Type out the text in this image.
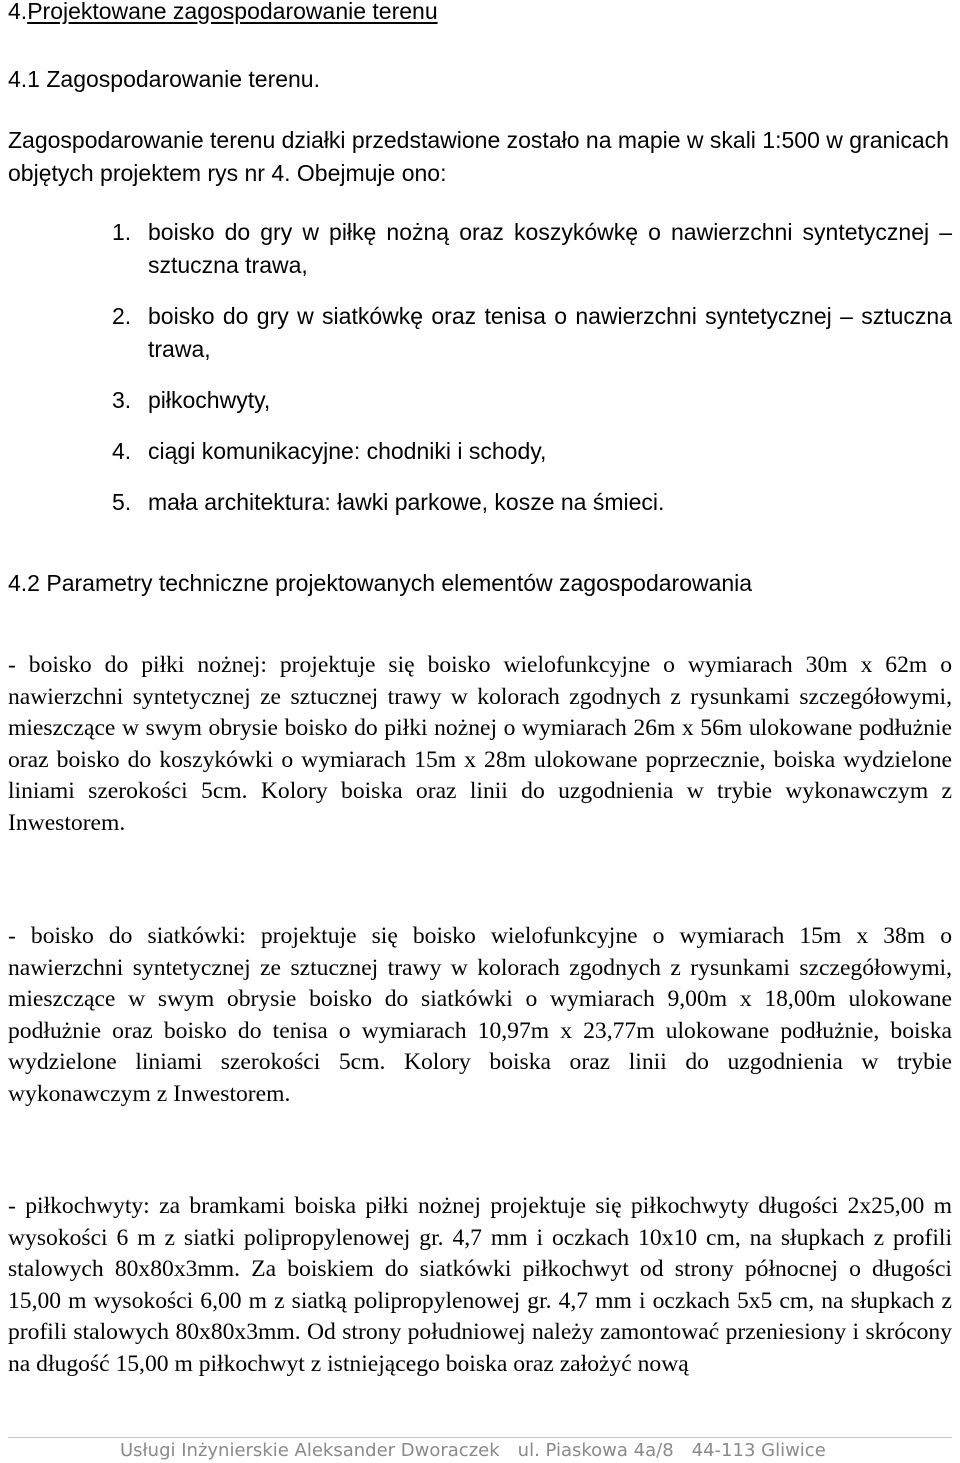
4.Projektowane zagospodarowanie terenu
4.1 Zagospodarowanie terenu.

Zagospodarowanie terenu działki przedstawione zostało na mapie w skali 1:500 w granicach objętych projektem rys nr 4. Obejmuje ono:

1. boisko do gry w piłkę nożną oraz koszykówkę o nawierzchni syntetycznej – sztuczna trawa,
2. boisko do gry w siatkówkę oraz tenisa o nawierzchni syntetycznej – sztuczna trawa,
3. piłkochwyty,
4. ciągi komunikacyjne: chodniki i schody,
5. mała architektura: ławki parkowe, kosze na śmieci.
4.2 Parametry techniczne projektowanych elementów zagospodarowania

- boisko do piłki nożnej: projektuje się boisko wielofunkcyjne o wymiarach 30m x 62m o nawierzchni syntetycznej ze sztucznej trawy w kolorach zgodnych z rysunkami szczegółowymi, mieszczące w swym obrysie boisko do piłki nożnej o wymiarach 26m x 56m ulokowane podłużnie oraz boisko do koszykówki o wymiarach 15m x 28m ulokowane poprzecznie, boiska wydzielone liniami szerokości 5cm. Kolory boiska oraz linii do uzgodnienia w trybie wykonawczym z Inwestorem.

- boisko do siatkówki: projektuje się boisko wielofunkcyjne o wymiarach 15m x 38m o nawierzchni syntetycznej ze sztucznej trawy w kolorach zgodnych z rysunkami szczegółowymi, mieszczące w swym obrysie boisko do siatkówki o wymiarach 9,00m x 18,00m ulokowane podłużnie oraz boisko do tenisa o wymiarach 10,97m x 23,77m ulokowane podłużnie, boiska wydzielone liniami szerokości 5cm. Kolory boiska oraz linii do uzgodnienia w trybie wykonawczym z Inwestorem.

- piłkochwyty: za bramkami boiska piłki nożnej projektuje się piłkochwyty długości 2x25,00 m wysokości 6 m z siatki polipropylenowej gr. 4,7 mm i oczkach 10x10 cm, na słupkach z profili stalowych 80x80x3mm. Za boiskiem do siatkówki piłkochwyt od strony północnej o długości 15,00 m wysokości 6,00 m z siatką polipropylenowej gr. 4,7 mm i oczkach 5x5 cm, na słupkach z profili stalowych 80x80x3mm. Od strony południowej należy zamontować przeniesiony i skrócony na długość 15,00 m piłkochwyt z istniejącego boiska oraz założyć nową

Usługi Inżynierskie Aleksander Dworaczek ul. Piaskowa 4a/8 44-113 Gliwice
